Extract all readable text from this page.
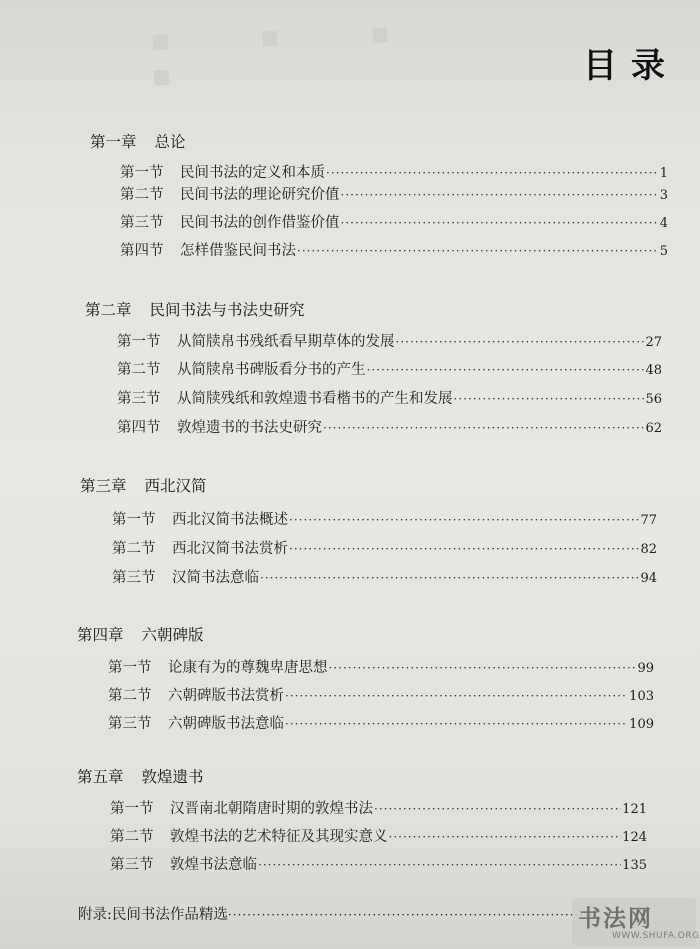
▪ ▪ ▪ ▪	目录
第一章 总论
第一节	民间书法的定义和本质 ·····	1
第二节	民间书法的理论研究价值 ·····	3
第三节	民间书法的创作借鉴价值 ·····	4
第四节	怎样借鉴民间书法 ·····	5
第二章 民间书法与书法史研究
第一节	从简牍帛书残纸看早期草体的发展 ·····	27
第二节	从简牍帛书碑版看分书的产生 ·····	48
第三节	从简牍残纸和敦煌遗书看楷书的产生和发展 ·····	56
第四节	敦煌遗书的书法史研究 ·····	62
第三章 西北汉简
第一节	西北汉简书法概述 ·····	77
第二节	西北汉简书法赏析 ·····	82
第三节	汉简书法意临 ·····	94
第四章 六朝碑版
第一节	论康有为的尊魏卑唐思想 ·····	99
第二节	六朝碑版书法赏析 ·····	103
第三节	六朝碑版书法意临 ·····	109
第五章 敦煌遗书
第一节	汉晋南北朝隋唐时期的敦煌书法 ·····	121
第二节	敦煌书法的艺术特征及其现实意义 ·····	124
第三节	敦煌书法意临 ·····	135
附录:民间书法作品精选 ·····	书法网
WWW.SHUFA.ORG
